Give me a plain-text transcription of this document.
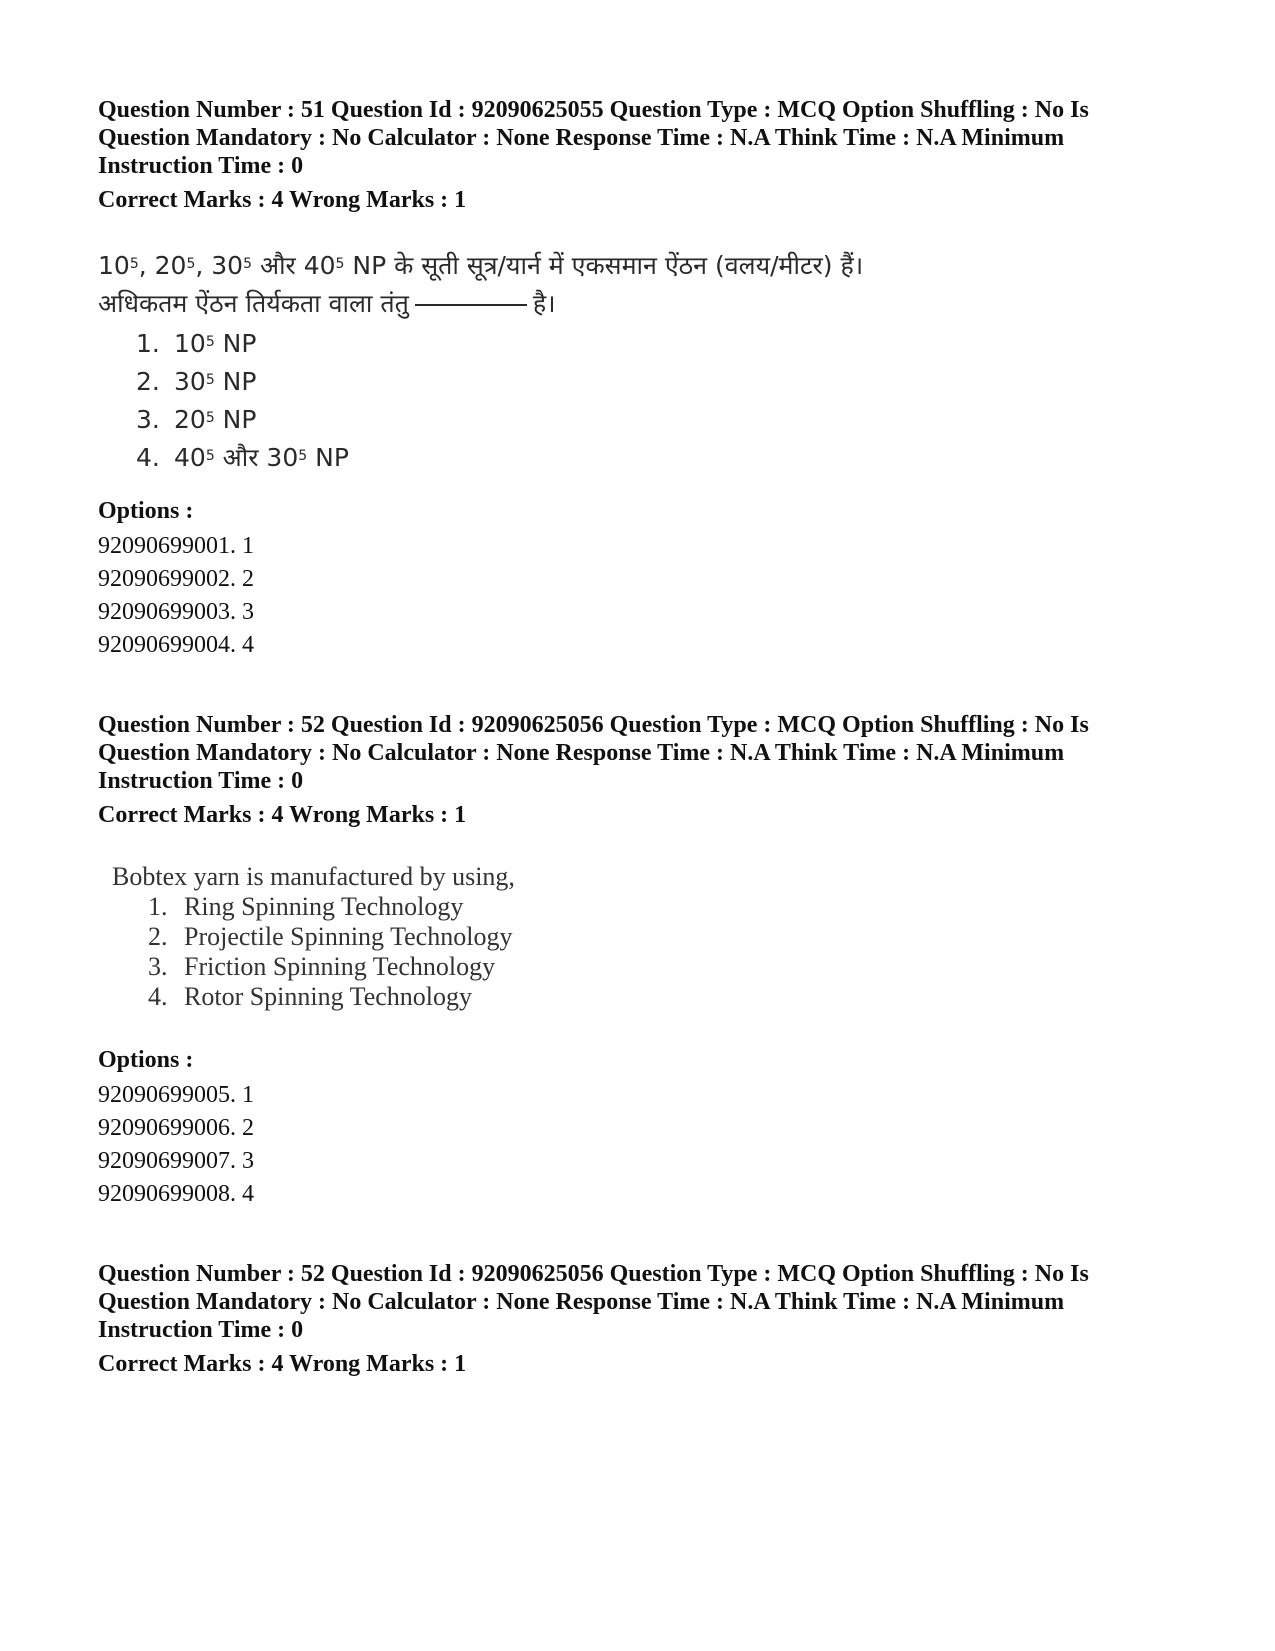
Question Number : 51 Question Id : 92090625055 Question Type : MCQ Option Shuffling : No Is

Question Mandatory : No Calculator : None Response Time : N.A Think Time : N.A Minimum

Instruction Time : 0

Correct Marks : 4 Wrong Marks : 1

$10^5$, $20^5$, $30^5$ और $40^5$ NP के सूती सूत्र/यार्न में एकसमान ऐंठन (वलय/मीटर) हैं।
अधिकतम ऐंठन तिर्यकता वाला तंतु	है।
1. $10^5$ NP
2. $30^5$ NP
3. $20^5$ NP
4. $40^5$ और $30^5$ NP

Options :

92090699001. 1

92090699002. 2

92090699003. 3

92090699004. 4

Question Number : 52 Question Id : 92090625056 Question Type : MCQ Option Shuffling : No Is

Question Mandatory : No Calculator : None Response Time : N.A Think Time : N.A Minimum

Instruction Time : 0

Correct Marks : 4 Wrong Marks : 1

Bobtex yarn is manufactured by using,
1. Ring Spinning Technology
2. Projectile Spinning Technology
3. Friction Spinning Technology
4. Rotor Spinning Technology

Options :

92090699005. 1

92090699006. 2

92090699007. 3

92090699008. 4

Question Number : 52 Question Id : 92090625056 Question Type : MCQ Option Shuffling : No Is

Question Mandatory : No Calculator : None Response Time : N.A Think Time : N.A Minimum

Instruction Time : 0

Correct Marks : 4 Wrong Marks : 1
